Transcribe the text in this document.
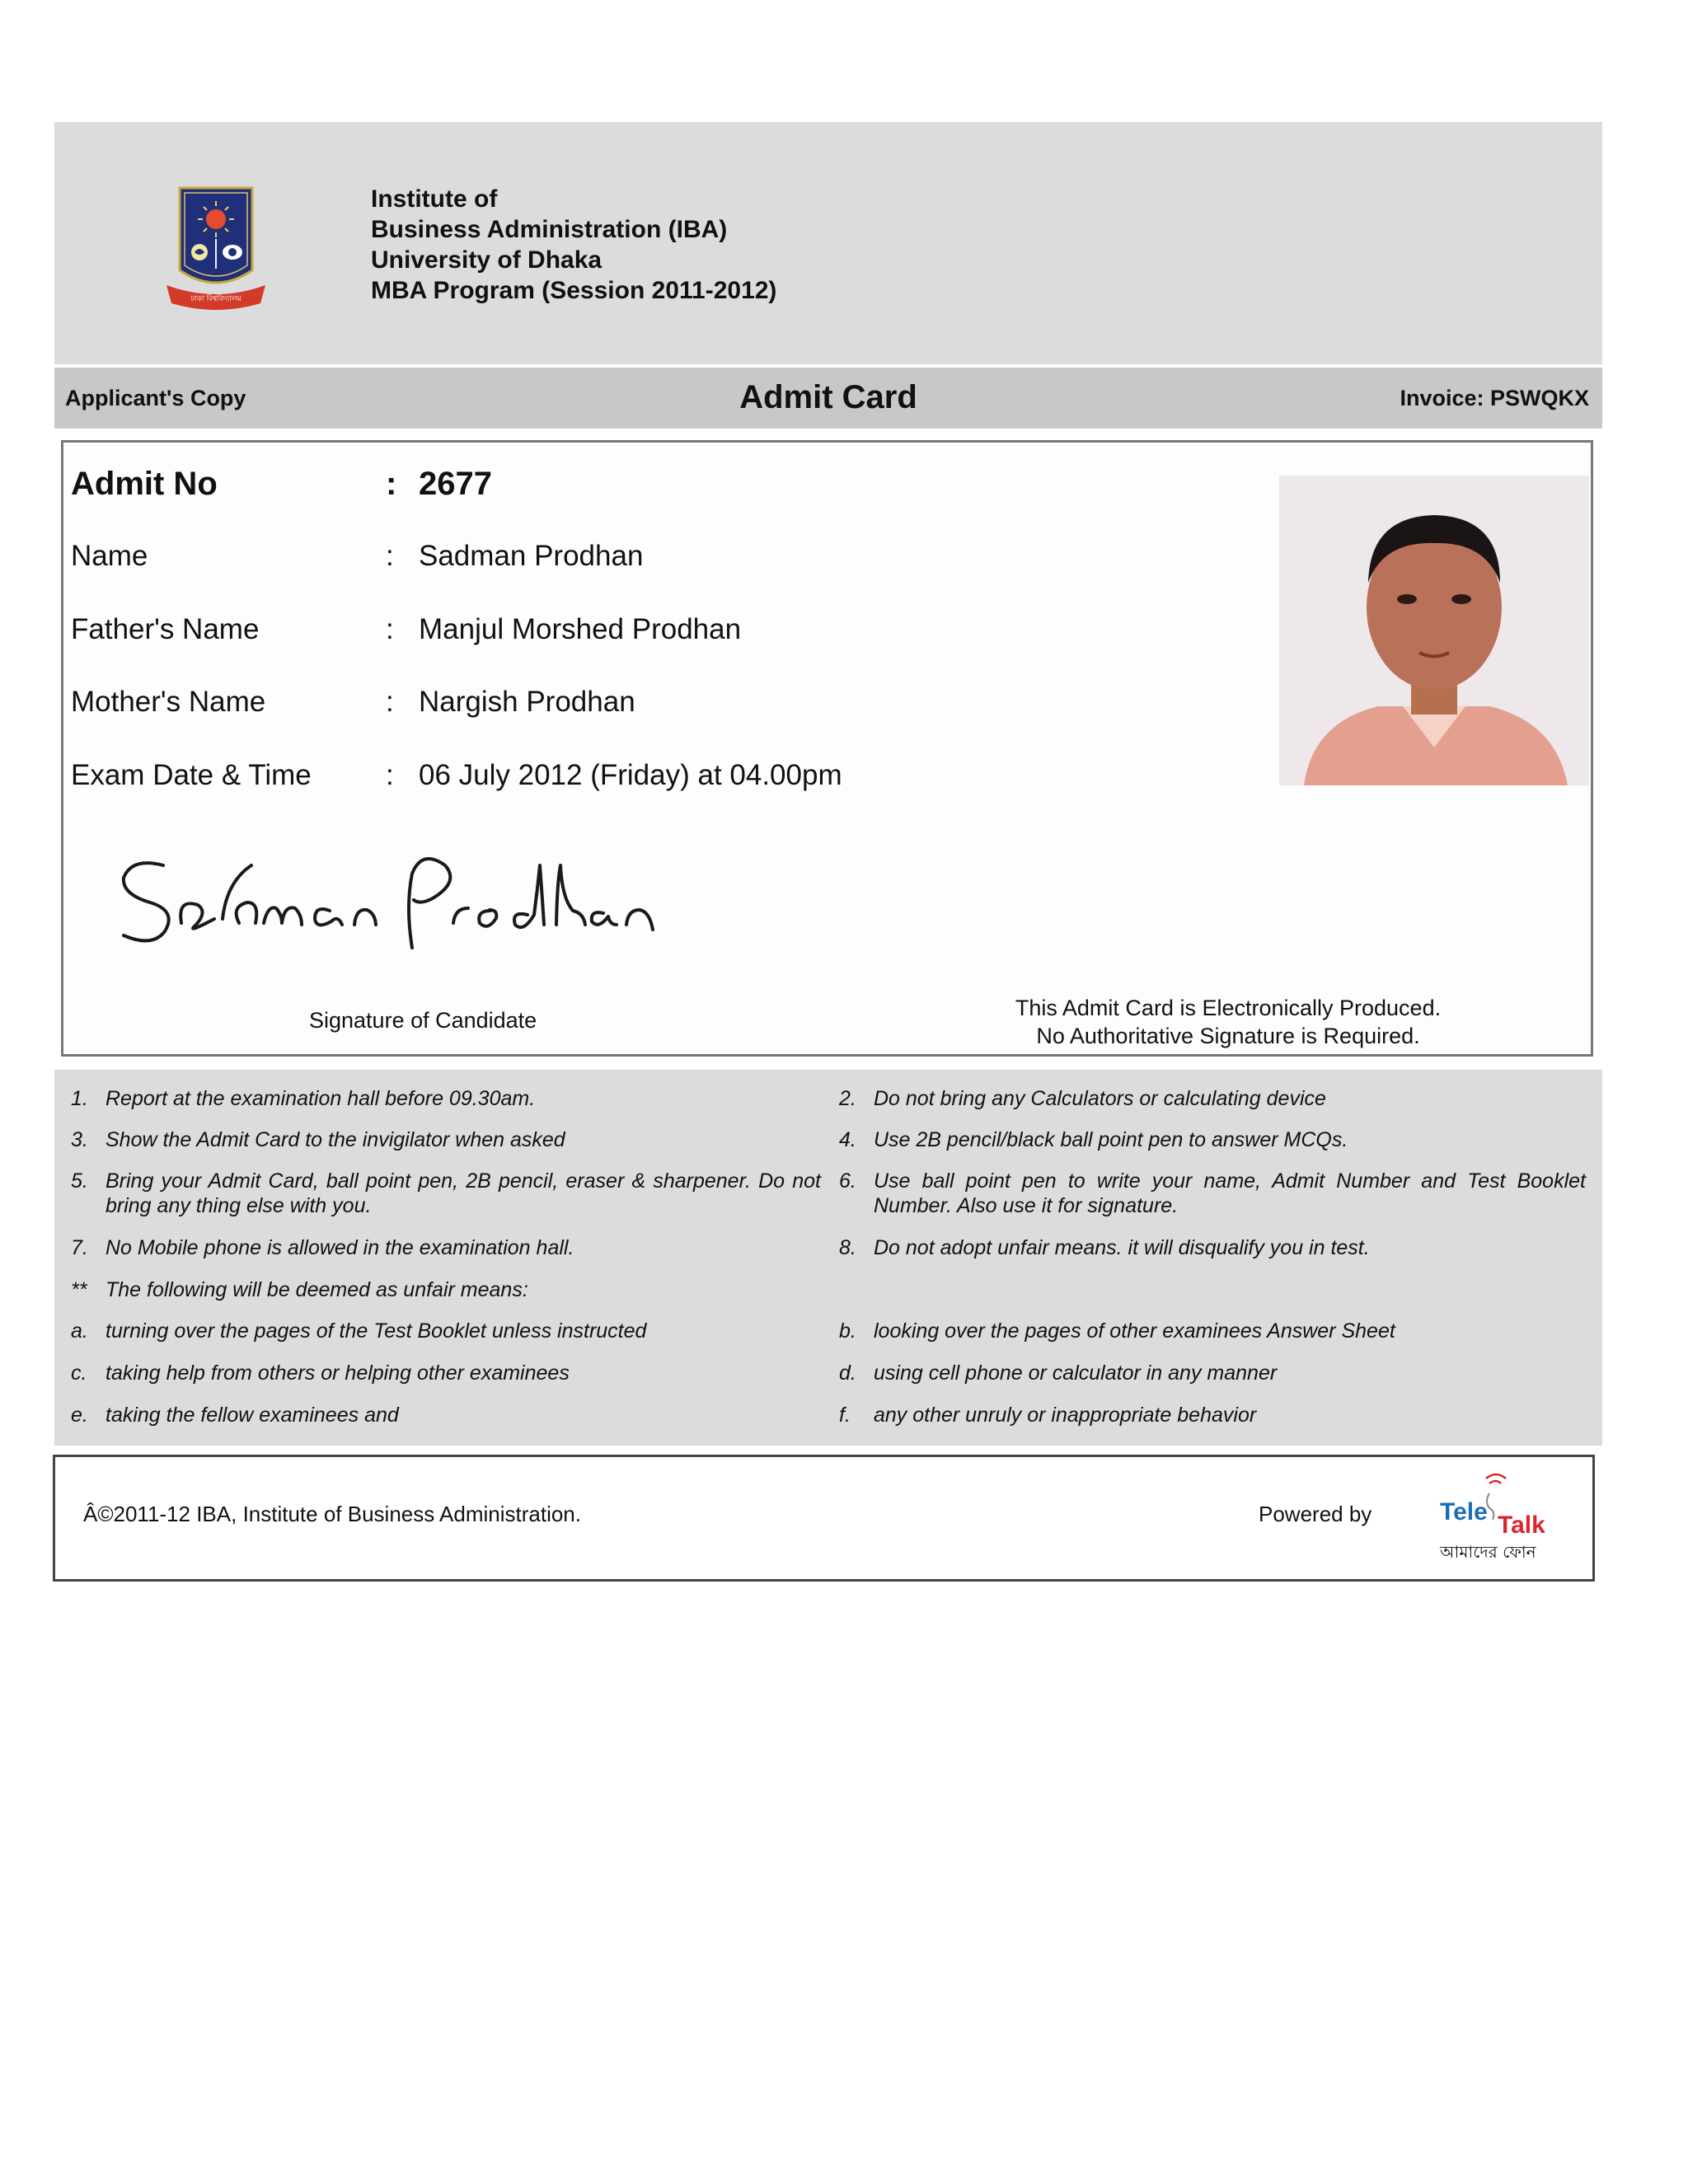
ঢাকা বিশ্ববিদ্যালয়
Institute of
Business Administration (IBA)
University of Dhaka
MBA Program (Session 2011-2012)
Applicant's Copy	Admit Card	Invoice: PSWQKX
Admit No	: 2677
Name	: Sadman Prodhan
Father's Name	: Manjul Morshed Prodhan
Mother's Name	: Nargish Prodhan
Exam Date & Time	: 06 July 2012 (Friday) at 04.00pm
Signature of Candidate	This Admit Card is Electronically Produced.
No Authoritative Signature is Required.
1. Report at the examination hall before 09.30am.	2. Do not bring any Calculators or calculating device
3. Show the Admit Card to the invigilator when asked	4. Use 2B pencil/black ball point pen to answer MCQs.
5. Bring your Admit Card, ball point pen, 2B pencil, eraser & sharpener. Do not bring any thing else with you.
6. Use ball point pen to write your name, Admit Number and Test Booklet Number. Also use it for signature.
7. No Mobile phone is allowed in the examination hall.	8. Do not adopt unfair means. it will disqualify you in test.
** The following will be deemed as unfair means:
a. turning over the pages of the Test Booklet unless instructed	b. looking over the pages of other examinees Answer Sheet
c. taking help from others or helping other examinees	d. using cell phone or calculator in any manner
e. taking the fellow examinees and	f. any other unruly or inappropriate behavior
Â©2011-12 IBA, Institute of Business Administration.	Powered by	Tele Talk
আমাদের ফোন
